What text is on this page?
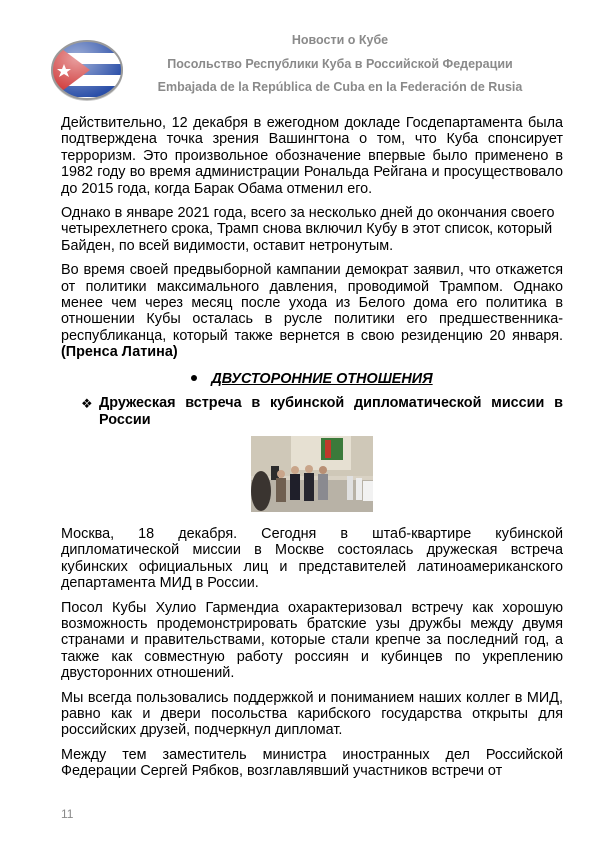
Новости о Кубе
Посольство Республики Куба в Российской Федерации
Embajada de la República de Cuba en la Federación de Rusia

Действительно, 12 декабря в ежегодном докладе Госдепартамента была подтверждена точка зрения Вашингтона о том, что Куба спонсирует терроризм. Это произвольное обозначение впервые было применено в 1982 году во время администрации Рональда Рейгана и просуществовало до 2015 года, когда Барак Обама отменил его.

Однако в январе 2021 года, всего за несколько дней до окончания своего четырехлетнего срока, Трамп снова включил Кубу в этот список, который Байден, по всей видимости, оставит нетронутым.

Во время своей предвыборной кампании демократ заявил, что откажется от политики максимального давления, проводимой Трампом. Однако менее чем через месяц после ухода из Белого дома его политика в отношении Кубы осталась в русле политики его предшественника-республиканца, который также вернется в свою резиденцию 20 января. (Пренса Латина)

ДВУСТОРОННИЕ ОТНОШЕНИЯ
❖ Дружеская встреча в кубинской дипломатической миссии в России

Москва, 18 декабря. Сегодня в штаб-квартире кубинской дипломатической миссии в Москве состоялась дружеская встреча кубинских официальных лиц и представителей латиноамериканского департамента МИД в России.

Посол Кубы Хулио Гармендиа охарактеризовал встречу как хорошую возможность продемонстрировать братские узы дружбы между двумя странами и правительствами, которые стали крепче за последний год, а также как совместную работу россиян и кубинцев по укреплению двусторонних отношений.

Мы всегда пользовались поддержкой и пониманием наших коллег в МИД, равно как и двери посольства карибского государства открыты для российских друзей, подчеркнул дипломат.

Между тем заместитель министра иностранных дел Российской Федерации Сергей Рябков, возглавлявший участников встречи от

11
